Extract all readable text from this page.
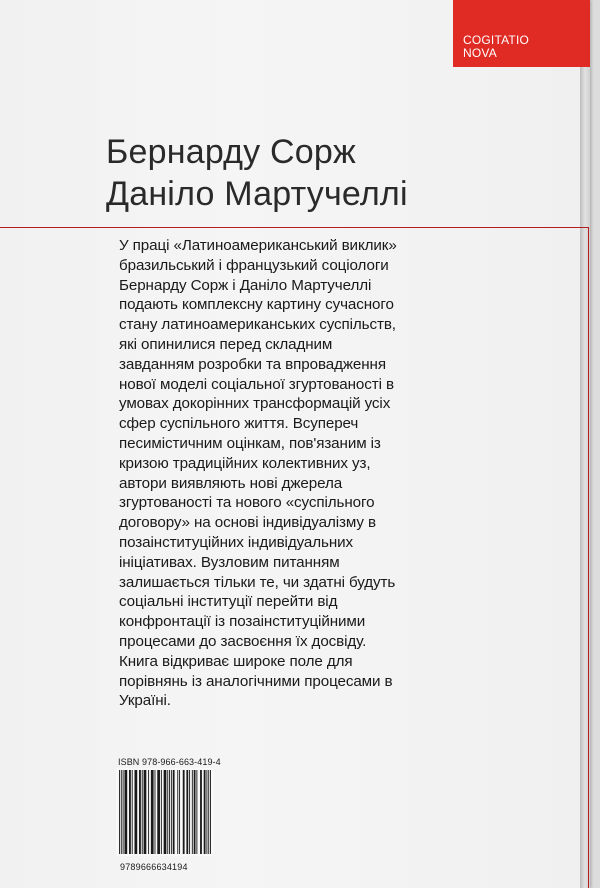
COGITATIO
NOVA
Бернарду Сорж
Даніло Мартучеллі

У праці «Латиноамериканський виклик»
бразильський і французький соціологи
Бернарду Сорж і Даніло Мартучеллі
подають комплексну картину сучасного
стану латиноамериканських суспільств,
які опинилися перед складним
завданням розробки та впровадження
нової моделі соціальної згуртованості в
умовах докорінних трансформацій усіх
сфер суспільного життя. Всупереч
песимістичним оцінкам, пов'язаним із
кризою традиційних колективних уз,
автори виявляють нові джерела
згуртованості та нового «суспільного
договору» на основі індивідуалізму в
позаінституційних індивідуальних
ініціативах. Вузловим питанням
залишається тільки те, чи здатні будуть
соціальні інституції перейти від
конфронтації із позаінституційними
процесами до засвоєння їх досвіду.
Книга відкриває широке поле для
порівнянь із аналогічними процесами в
Україні.

ISBN 978-966-663-419-4
9789666634194
